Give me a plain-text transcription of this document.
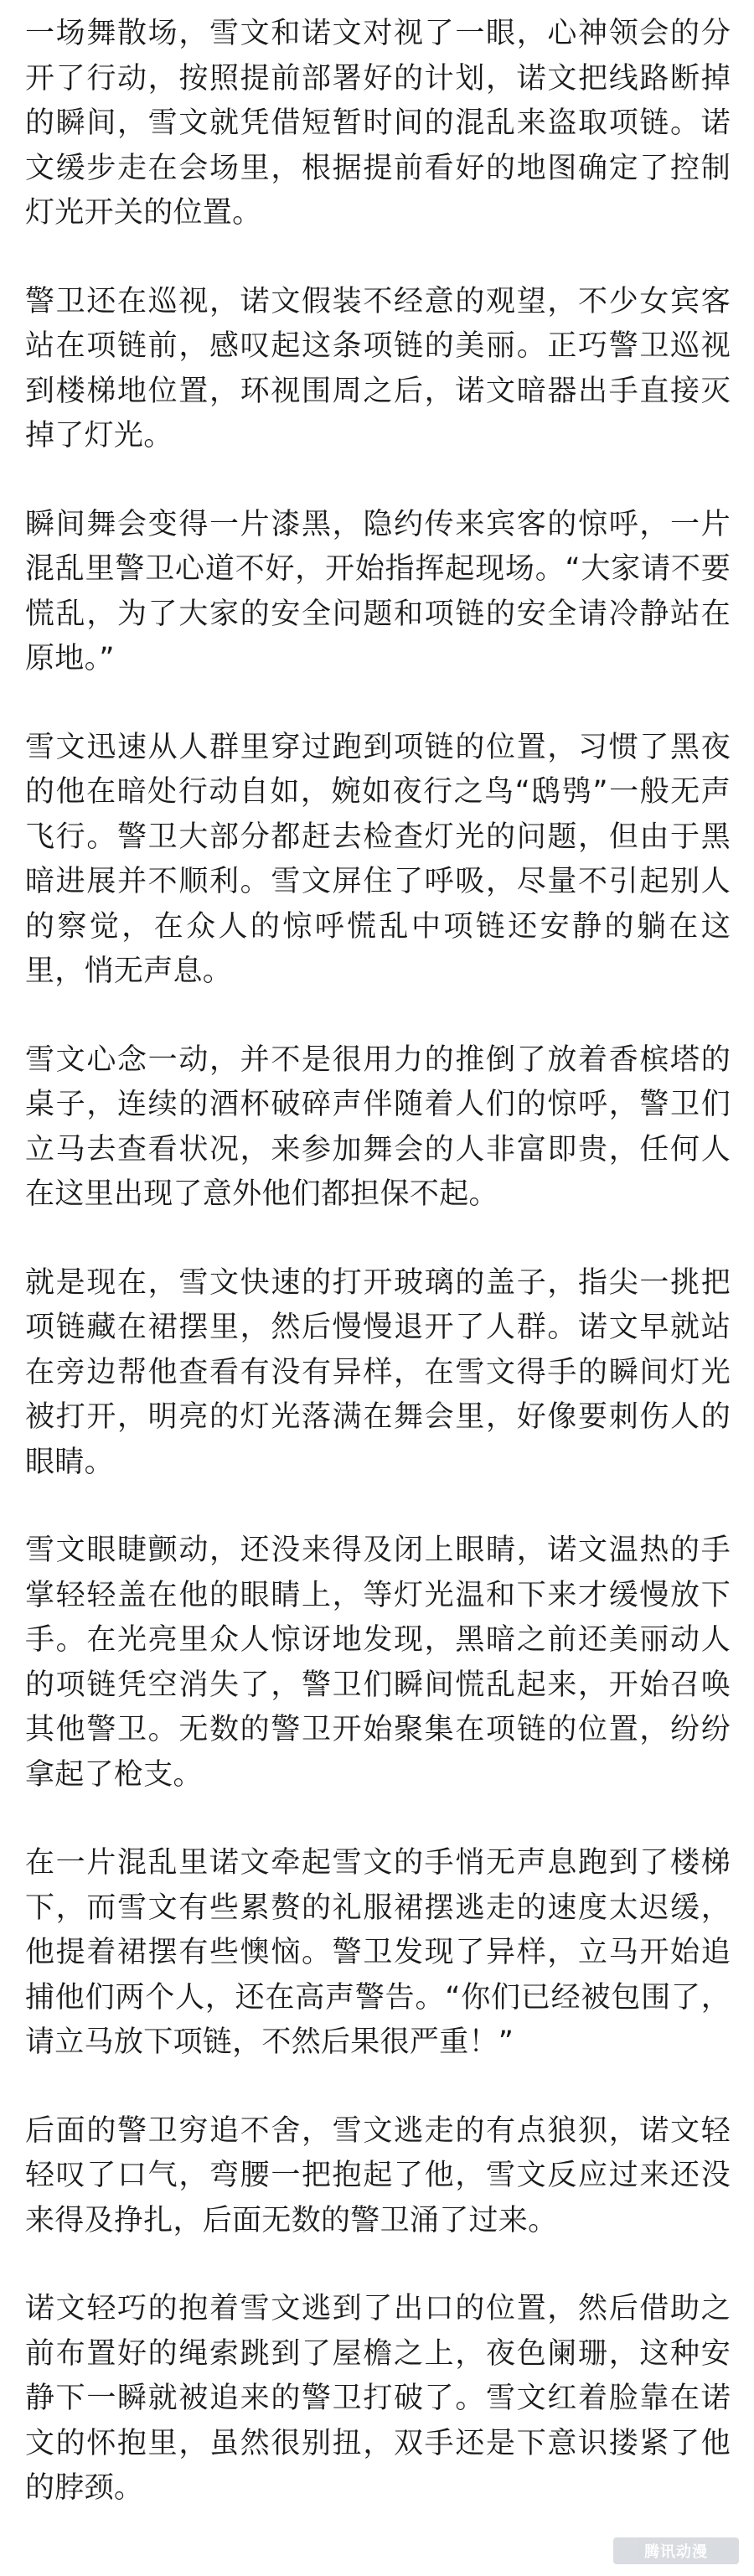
一场舞散场，雪文和诺文对视了一眼，心神领会的分开了行动，按照提前部署好的计划，诺文把线路断掉的瞬间，雪文就凭借短暂时间的混乱来盗取项链。诺文缓步走在会场里，根据提前看好的地图确定了控制灯光开关的位置。

警卫还在巡视，诺文假装不经意的观望，不少女宾客站在项链前，感叹起这条项链的美丽。正巧警卫巡视到楼梯地位置，环视围周之后，诺文暗器出手直接灭掉了灯光。

瞬间舞会变得一片漆黑，隐约传来宾客的惊呼，一片混乱里警卫心道不好，开始指挥起现场。“大家请不要慌乱，为了大家的安全问题和项链的安全请冷静站在原地。”

雪文迅速从人群里穿过跑到项链的位置，习惯了黑夜的他在暗处行动自如，婉如夜行之鸟“鸱鸮”一般无声飞行。警卫大部分都赶去检查灯光的问题，但由于黑暗进展并不顺利。雪文屏住了呼吸，尽量不引起别人的察觉，在众人的惊呼慌乱中项链还安静的躺在这里，悄无声息。

雪文心念一动，并不是很用力的推倒了放着香槟塔的桌子，连续的酒杯破碎声伴随着人们的惊呼，警卫们立马去查看状况，来参加舞会的人非富即贵，任何人在这里出现了意外他们都担保不起。

就是现在，雪文快速的打开玻璃的盖子，指尖一挑把项链藏在裙摆里，然后慢慢退开了人群。诺文早就站在旁边帮他查看有没有异样，在雪文得手的瞬间灯光被打开，明亮的灯光落满在舞会里，好像要刺伤人的眼睛。

雪文眼睫颤动，还没来得及闭上眼睛，诺文温热的手掌轻轻盖在他的眼睛上，等灯光温和下来才缓慢放下手。在光亮里众人惊讶地发现，黑暗之前还美丽动人的项链凭空消失了，警卫们瞬间慌乱起来，开始召唤其他警卫。无数的警卫开始聚集在项链的位置，纷纷拿起了枪支。

在一片混乱里诺文牵起雪文的手悄无声息跑到了楼梯下，而雪文有些累赘的礼服裙摆逃走的速度太迟缓，他提着裙摆有些懊恼。警卫发现了异样，立马开始追捕他们两个人，还在高声警告。“你们已经被包围了，请立马放下项链，不然后果很严重！”

后面的警卫穷追不舍，雪文逃走的有点狼狈，诺文轻轻叹了口气，弯腰一把抱起了他，雪文反应过来还没来得及挣扎，后面无数的警卫涌了过来。

诺文轻巧的抱着雪文逃到了出口的位置，然后借助之前布置好的绳索跳到了屋檐之上，夜色阑珊，这种安静下一瞬就被追来的警卫打破了。雪文红着脸靠在诺文的怀抱里，虽然很别扭，双手还是下意识搂紧了他的脖颈。

腾讯动漫
